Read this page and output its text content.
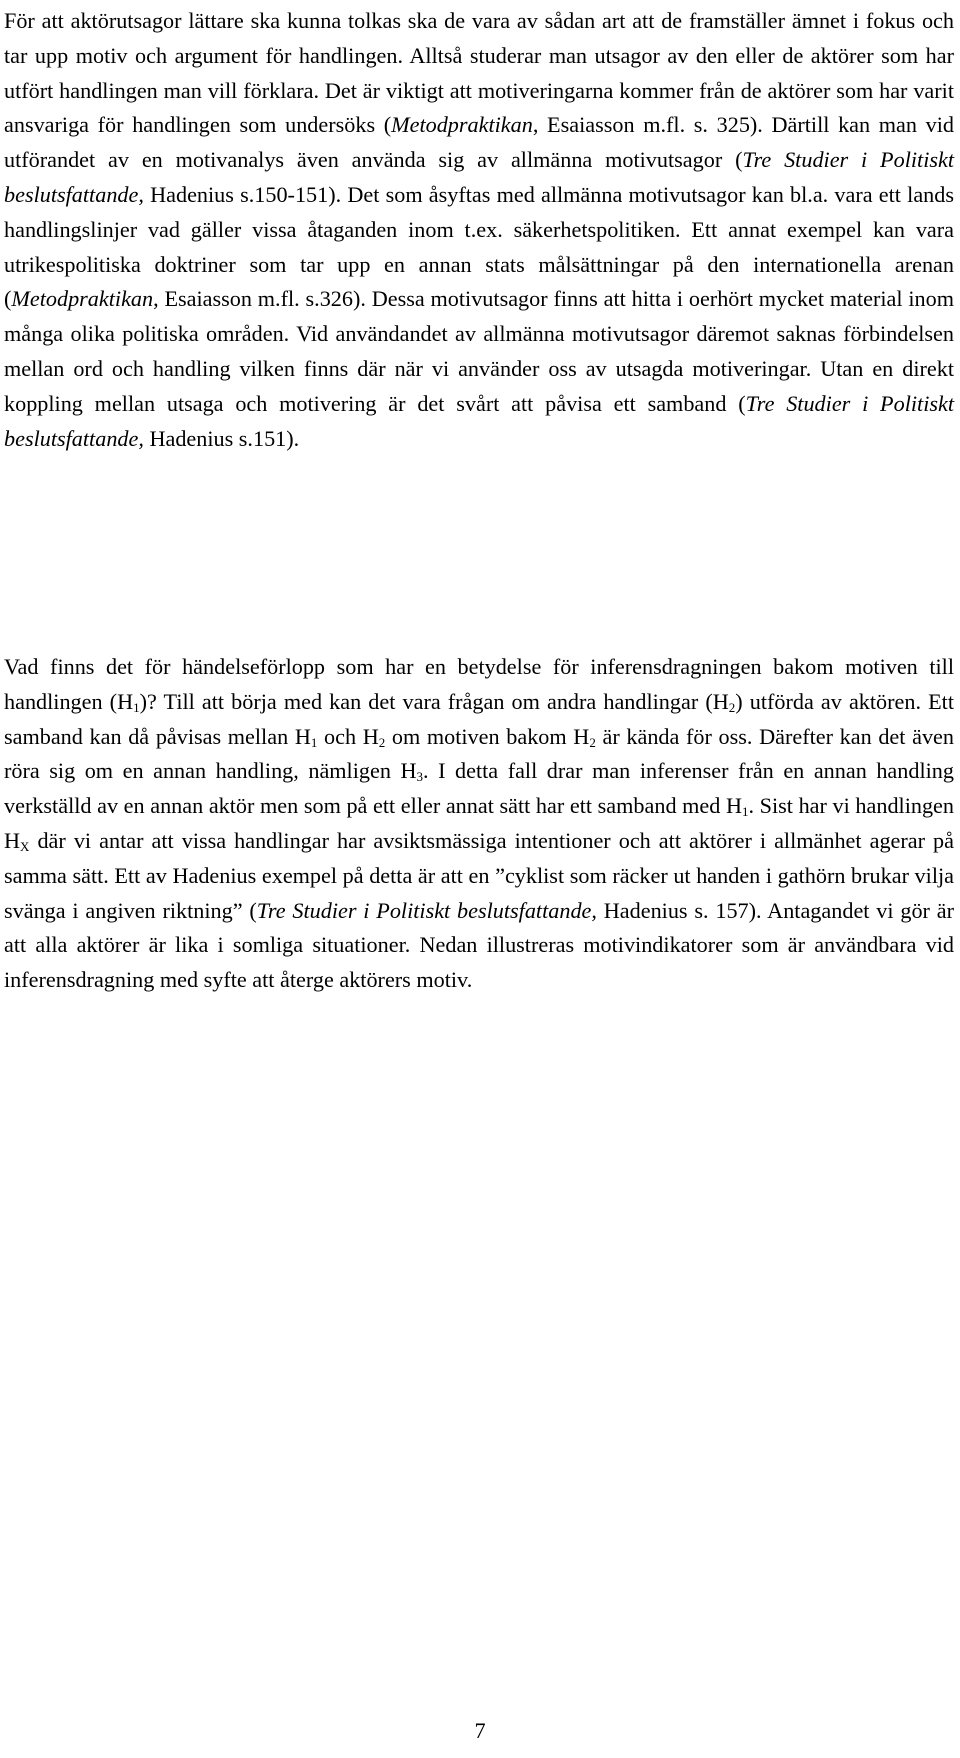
För att aktörutsagor lättare ska kunna tolkas ska de vara av sådan art att de framställer ämnet i fokus och tar upp motiv och argument för handlingen. Alltså studerar man utsagor av den eller de aktörer som har utfört handlingen man vill förklara. Det är viktigt att motiveringarna kommer från de aktörer som har varit ansvariga för handlingen som undersöks (Metodpraktikan, Esaiasson m.fl. s. 325). Därtill kan man vid utförandet av en motivanalys även använda sig av allmänna motivutsagor (Tre Studier i Politiskt beslutsfattande, Hadenius s.150-151). Det som åsyftas med allmänna motivutsagor kan bl.a. vara ett lands handlingslinjer vad gäller vissa åtaganden inom t.ex. säkerhetspolitiken. Ett annat exempel kan vara utrikespolitiska doktriner som tar upp en annan stats målsättningar på den internationella arenan (Metodpraktikan, Esaiasson m.fl. s.326). Dessa motivutsagor finns att hitta i oerhört mycket material inom många olika politiska områden. Vid användandet av allmänna motivutsagor däremot saknas förbindelsen mellan ord och handling vilken finns där när vi använder oss av utsagda motiveringar. Utan en direkt koppling mellan utsaga och motivering är det svårt att påvisa ett samband (Tre Studier i Politiskt beslutsfattande, Hadenius s.151).

Vad finns det för händelseförlopp som har en betydelse för inferensdragningen bakom motiven till handlingen $(H_1)$? Till att börja med kan det vara frågan om andra handlingar $(H_2)$ utförda av aktören. Ett samband kan då påvisas mellan $H_1$ och $H_2$ om motiven bakom $H_2$ är kända för oss. Därefter kan det även röra sig om en annan handling, nämligen $H_3$. I detta fall drar man inferenser från en annan handling verkställd av en annan aktör men som på ett eller annat sätt har ett samband med $H_1$. Sist har vi handlingen $H_X$ där vi antar att vissa handlingar har avsiktsmässiga intentioner och att aktörer i allmänhet agerar på samma sätt. Ett av Hadenius exempel på detta är att en ”cyklist som räcker ut handen i gathörn brukar vilja svänga i angiven riktning” (Tre Studier i Politiskt beslutsfattande, Hadenius s. 157). Antagandet vi gör är att alla aktörer är lika i somliga situationer. Nedan illustreras motivindikatorer som är användbara vid inferensdragning med syfte att återge aktörers motiv.

7
